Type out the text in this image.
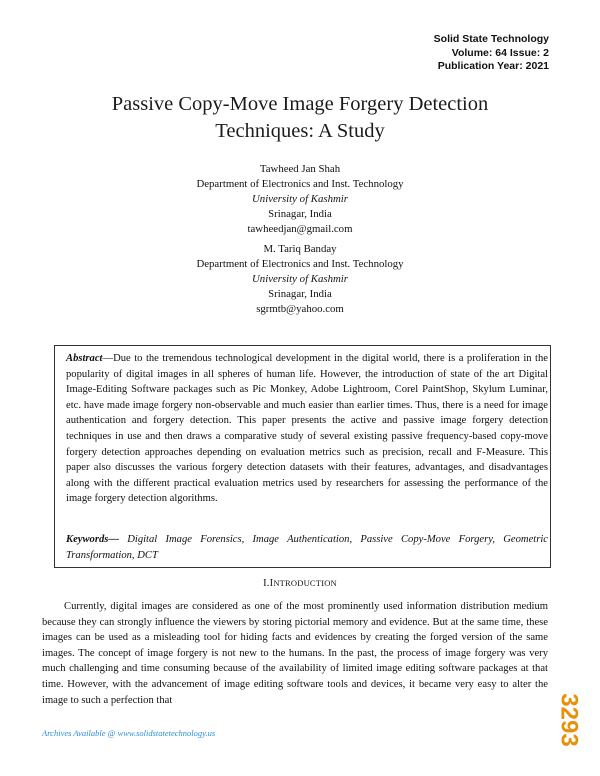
Solid State Technology
Volume: 64 Issue: 2
Publication Year: 2021
Passive Copy-Move Image Forgery Detection
Techniques: A Study
Tawheed Jan Shah
Department of Electronics and Inst. Technology
University of Kashmir
Srinagar, India
tawheedjan@gmail.com
M. Tariq Banday
Department of Electronics and Inst. Technology
University of Kashmir
Srinagar, India
sgrmtb@yahoo.com
Abstract—Due to the tremendous technological development in the digital world, there is a proliferation in the popularity of digital images in all spheres of human life. However, the introduction of state of the art Digital Image-Editing Software packages such as Pic Monkey, Adobe Lightroom, Corel PaintShop, Skylum Luminar, etc. have made image forgery non-observable and much easier than earlier times. Thus, there is a need for image authentication and forgery detection. This paper presents the active and passive image forgery detection techniques in use and then draws a comparative study of several existing passive frequency-based copy-move forgery detection approaches depending on evaluation metrics such as precision, recall and F-Measure. This paper also discusses the various forgery detection datasets with their features, advantages, and disadvantages along with the different practical evaluation metrics used by researchers for assessing the performance of the image forgery detection algorithms.
Keywords— Digital Image Forensics, Image Authentication, Passive Copy-Move Forgery, Geometric Transformation, DCT
I.INTRODUCTION

Currently, digital images are considered as one of the most prominently used information distribution medium because they can strongly influence the viewers by storing pictorial memory and evidence. But at the same time, these images can be used as a misleading tool for hiding facts and evidences by creating the forged version of the same images. The concept of image forgery is not new to the humans. In the past, the process of image forgery was very much challenging and time consuming because of the availability of limited image editing software packages at that time. However, with the advancement of image editing software tools and devices, it became very easy to alter the image to such a perfection that

Archives Available @ www.solidstatetechnology.us	3293
